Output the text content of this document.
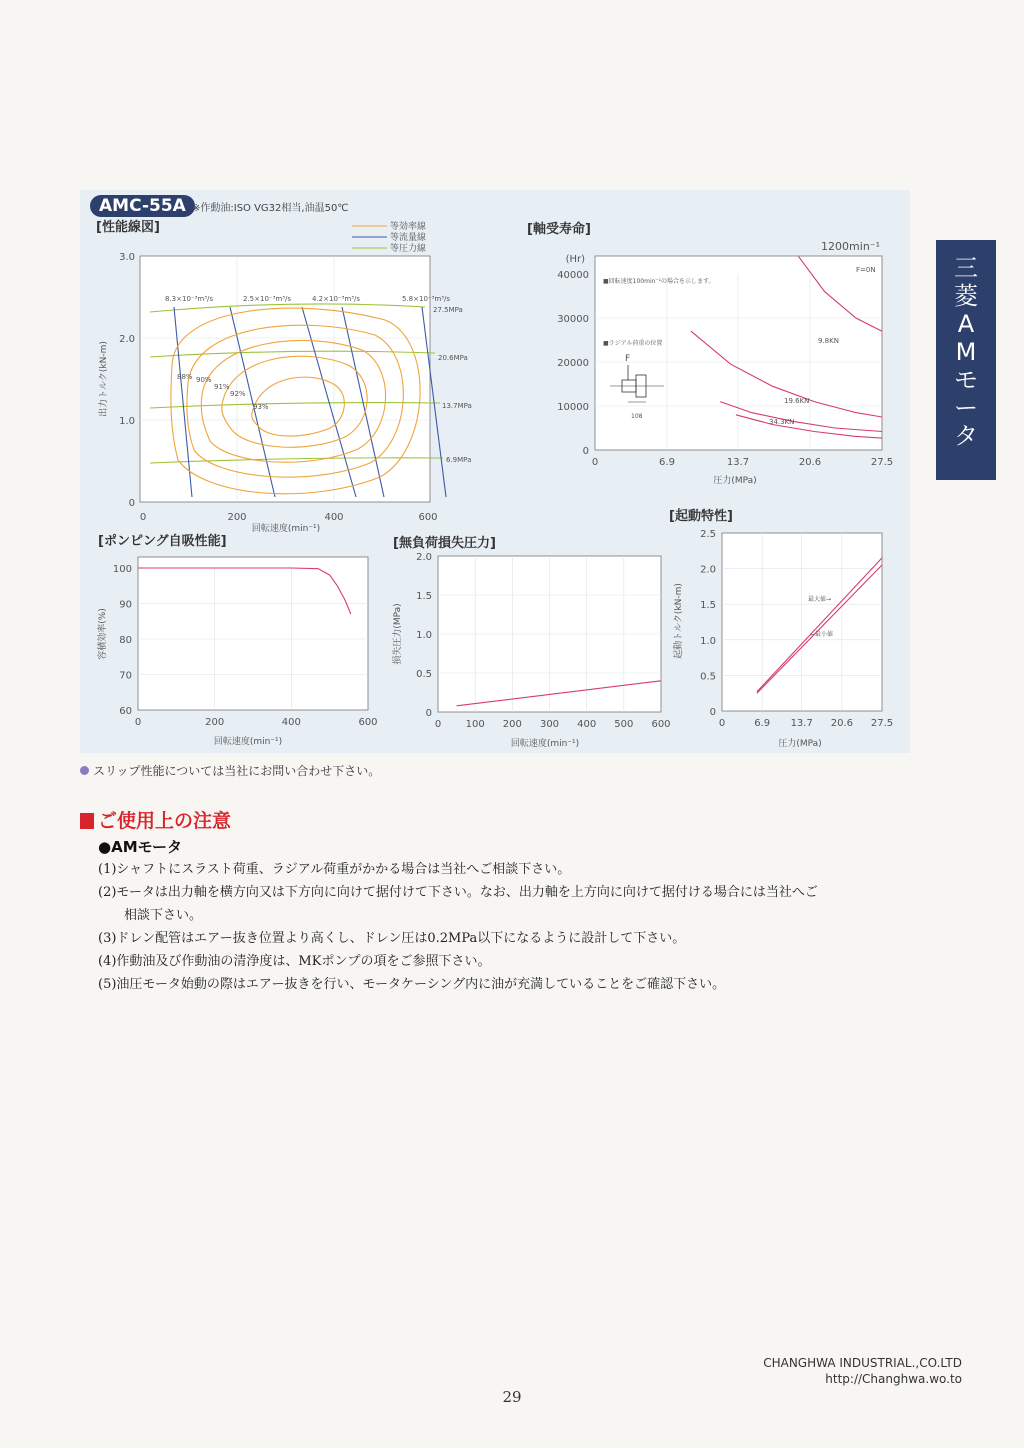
AMC-55A ※作動油:ISO VG32相当,油温50℃
[性能線図]	[軸受寿命]
[ポンピング自吸性能]	[無負荷損失圧力]
[起動特性]
等効率線
等流量線
等圧力線
8.3×10⁻³m³/s	2.5×10⁻³m³/s	4.2×10⁻³m³/s	5.8×10⁻³m³/s
27.5MPa
20.6MPa
13.7MPa
6.9MPa
88% 90%
91%
92%
93%
3.0
2.0
1.0
0
0	200	400	600
回転速度(min⁻¹)
出力トルク(kN-m)
(Hr)
1200min⁻¹
F=0N
9.8KN
19.6KN
34.3KN
■回転速度100min⁻¹の場合を示します。
■ラジアル荷重の位置
F
108
40000
30000
20000
10000
0
0	6.9	13.7	20.6	27.5
圧力(MPa)
100
90
80
70
60
0	200	400	600
回転速度(min⁻¹)
容積効率(%)
2.0
1.5
1.0
0.5
0
0 100 200 300 400 500 600
回転速度(min⁻¹)
損失圧力(MPa)
最大値→
←最小値
2.5
2.0
1.5
1.0
0.5
0
0	6.9 13.7 20.6 27.5
圧力(MPa)
起動トルク(kN-m)
三
菱
A
M
モ
ー
タ
スリップ性能については当社にお問い合わせ下さい。
ご使用上の注意
●AMモータ
(1)シャフトにスラスト荷重、ラジアル荷重がかかる場合は当社へご相談下さい。
(2)モータは出力軸を横方向又は下方向に向けて据付けて下さい。なお、出力軸を上方向に向けて据付ける場合には当社へご
　　相談下さい。
(3)ドレン配管はエアー抜き位置より高くし、ドレン圧は0.2MPa以下になるように設計して下さい。
(4)作動油及び作動油の清浄度は、MKポンプの項をご参照下さい。
(5)油圧モータ始動の際はエアー抜きを行い、モータケーシング内に油が充満していることをご確認下さい。
CHANGHWA INDUSTRIAL.,CO.LTD
http://Changhwa.wo.to
29
